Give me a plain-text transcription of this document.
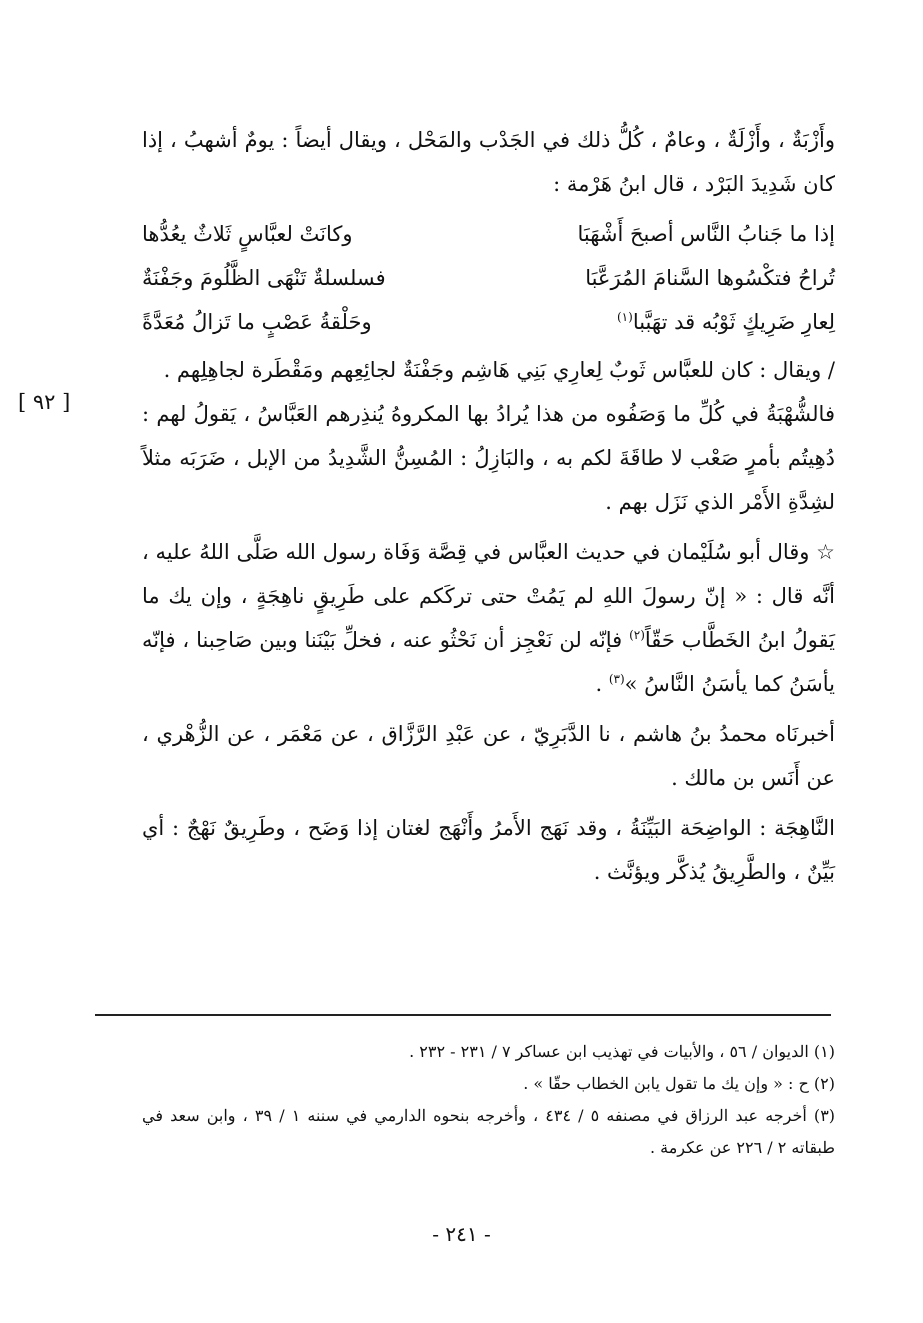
وأَزْبَةٌ ، وأَزْلَةٌ ، وعامٌ ، كُلُّ ذلك في الجَدْب والمَحْل ، ويقال أيضاً : يومٌ أشهبُ ، إذا كان شَدِيدَ البَرْد ، قال ابنُ هَرْمة :

إذا ما جَنابُ النَّاس أصبحَ أَشْهَبَا
وكانَتْ لعبَّاسٍ ثَلاثٌ يعُدُّها
تُراحُ فتكْسُوها السَّنامَ المُرَعَّبَا
فسلسلةٌ تَنْهَى الظَّلُومَ وجَفْنَةٌ
لِعارِ ضَرِيكٍ ثَوْبُه قد تهَبَّبا$^{(١)}$
وحَلْقةُ عَصْبٍ ما تَزالُ مُعَدَّةً

/ ويقال : كان للعبَّاس ثَوبٌ لِعارِي بَنِي هَاشِم وجَفْنَةٌ لجائِعِهم ومَقْطَرة لجاهِلِهم .

فالشُّهْبَةُ في كُلِّ ما وَصَفُوه من هذا يُرادُ بها المكروهُ يُنذِرهم العَبَّاسُ ، يَقولُ لهم : دُهِيتُم بأمرٍ صَعْب لا طاقَةَ لكم به ، والبَازِلُ : المُسِنُّ الشَّدِيدُ من الإبل ، ضَرَبَه مثلاً لشِدَّةِ الأَمْر الذي نَزَل بهم .

☆ وقال أبو سُلَيْمان في حديث العبَّاس في قِصَّة وَفَاة رسول الله صَلَّى اللهُ عليه ، أنَّه قال : « إنّ رسولَ اللهِ لم يَمُتْ حتى تركَكم على طَرِيقٍ ناهِجَةٍ ، وإن يك ما يَقولُ ابنُ الخَطَّاب حَقّاً$^{(٢)}$ فإنّه لن نَعْجِز أن نَحْثُو عنه ، فخلِّ بَيْنَنا وبين صَاحِبنا ، فإنّه يأسَنُ كما يأسَنُ النَّاسُ »$^{(٣)}$ .

أخبرنَاه محمدُ بنُ هاشم ، نا الدَّبَرِيّ ، عن عَبْدِ الرَّزَّاق ، عن مَعْمَر ، عن الزُّهْري ، عن أَنَس بن مالك .

النَّاهِجَة : الواضِحَة البَيِّنَةُ ، وقد نَهَج الأَمرُ وأَنْهَج لغتان إذا وَضَح ، وطَرِيقٌ نَهْجٌ : أي بَيِّنٌ ، والطَّرِيقُ يُذكَّر ويؤنَّث .

[ ٩٢ ]

(١) الديوان / ٥٦ ، والأبيات في تهذيب ابن عساكر ٧ / ٢٣١ - ٢٣٢ .

(٢) ح : « وإن يك ما تقول يابن الخطاب حقّا » .

(٣) أخرجه عبد الرزاق في مصنفه ٥ / ٤٣٤ ، وأخرجه بنحوه الدارمي في سننه ١ / ٣٩ ، وابن سعد في طبقاته ٢ / ٢٢٦ عن عكرمة .

- ٢٤١ -
